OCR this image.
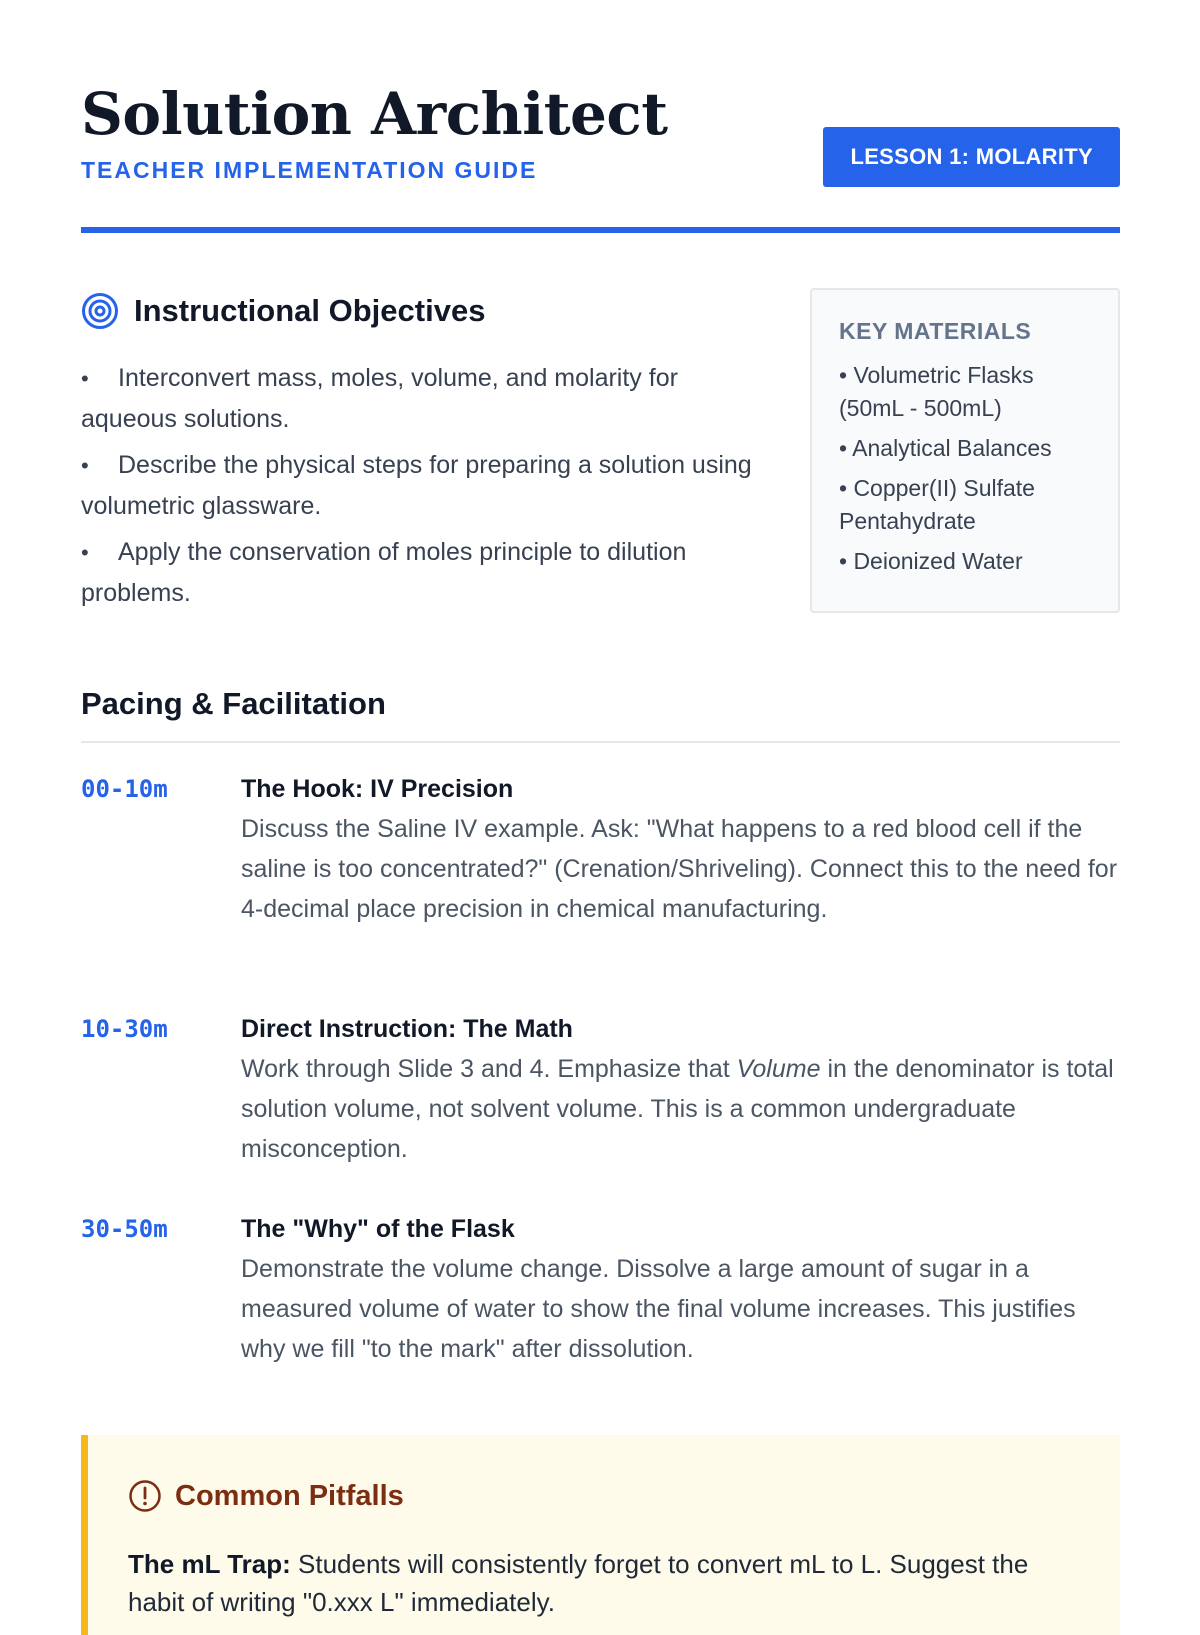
Solution Architect
TEACHER IMPLEMENTATION GUIDE
LESSON 1: MOLARITY
Instructional Objectives
• Interconvert mass, moles, volume, and molarity for aqueous solutions.
• Describe the physical steps for preparing a solution using volumetric glassware.
• Apply the conservation of moles principle to dilution problems.
KEY MATERIALS
• Volumetric Flasks (50mL - 500mL)
• Analytical Balances
• Copper(II) Sulfate Pentahydrate
• Deionized Water
Pacing & Facilitation
00-10m	The Hook: IV Precision
Discuss the Saline IV example. Ask: "What happens to a red blood cell if the saline is too concentrated?" (Crenation/Shriveling). Connect this to the need for 4-decimal place precision in chemical manufacturing.
10-30m	Direct Instruction: The Math
Work through Slide 3 and 4. Emphasize that Volume in the denominator is total solution volume, not solvent volume. This is a common undergraduate misconception.
30-50m	The "Why" of the Flask
Demonstrate the volume change. Dissolve a large amount of sugar in a measured volume of water to show the final volume increases. This justifies why we fill "to the mark" after dissolution.
Common Pitfalls
The mL Trap: Students will consistently forget to convert mL to L. Suggest the habit of writing "0.xxx L" immediately.
